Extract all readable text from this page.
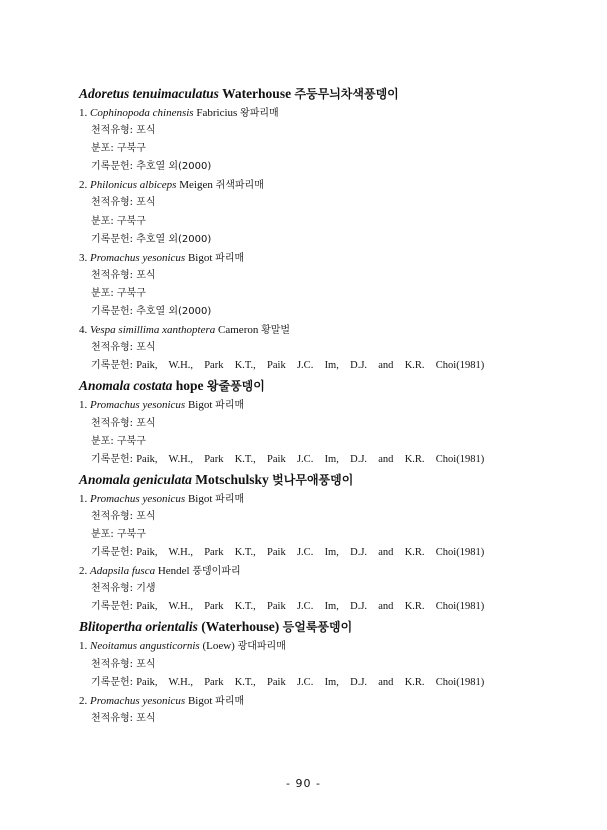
Adoretus tenuimaculatus Waterhouse 주둥무늬차색풍뎅이
1. Cophinopoda chinensis Fabricius 왕파리매
천적유형: 포식
분포: 구북구
기록문헌: 추호열 외(2000)
2. Philonicus albiceps Meigen 쥐색파리매
천적유형: 포식
분포: 구북구
기록문헌: 추호열 외(2000)
3. Promachus yesonicus Bigot 파리매
천적유형: 포식
분포: 구북구
기록문헌: 추호열 외(2000)
4. Vespa simillima xanthoptera Cameron 황말벌
천적유형: 포식
기록문헌: Paik, W.H., Park K.T., Paik J.C. Im, D.J. and K.R. Choi(1981)
Anomala costata hope 왕줄풍뎅이
1. Promachus yesonicus Bigot 파리매
천적유형: 포식
분포: 구북구
기록문헌: Paik, W.H., Park K.T., Paik J.C. Im, D.J. and K.R. Choi(1981)
Anomala geniculata Motschulsky 벚나무애풍뎅이
1. Promachus yesonicus Bigot 파리매
천적유형: 포식
분포: 구북구
기록문헌: Paik, W.H., Park K.T., Paik J.C. Im, D.J. and K.R. Choi(1981)
2. Adapsila fusca Hendel 풍뎅이파리
천적유형: 기생
기록문헌: Paik, W.H., Park K.T., Paik J.C. Im, D.J. and K.R. Choi(1981)
Blitopertha orientalis (Waterhouse) 등얼룩풍뎅이
1. Neoitamus angusticornis (Loew) 광대파리매
천적유형: 포식
기록문헌: Paik, W.H., Park K.T., Paik J.C. Im, D.J. and K.R. Choi(1981)
2. Promachus yesonicus Bigot 파리매
천적유형: 포식
- 90 -
